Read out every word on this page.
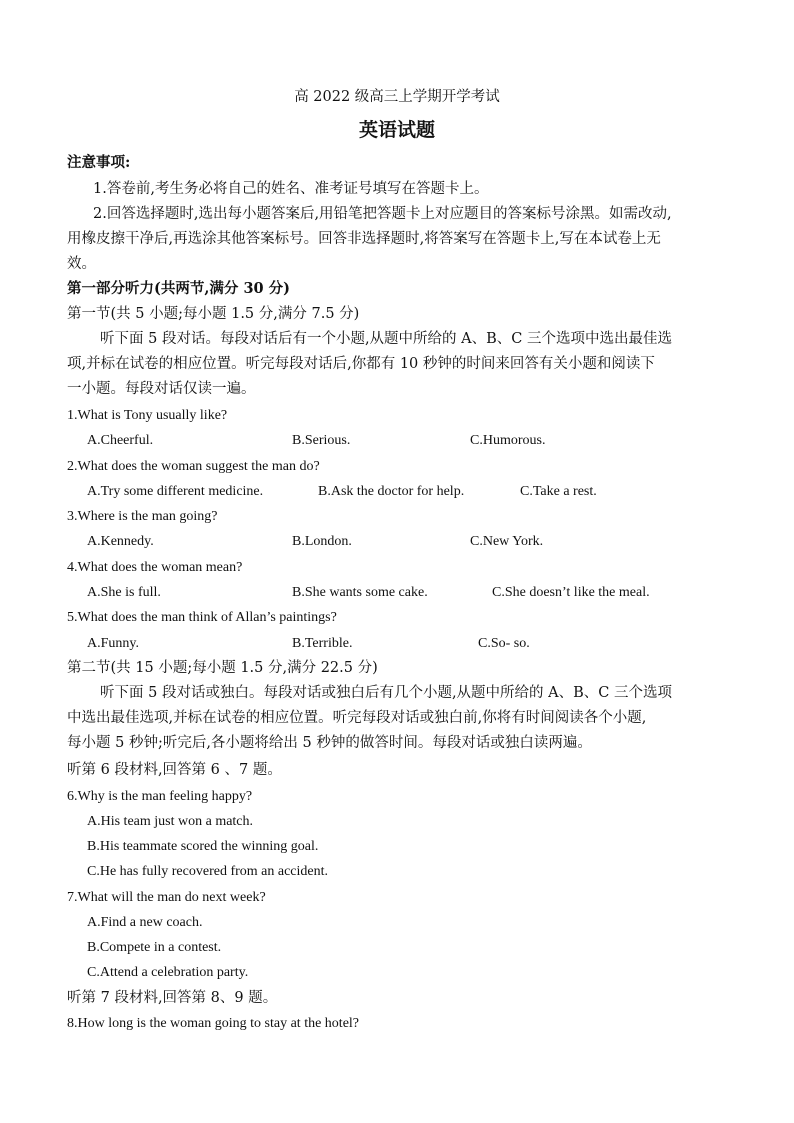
高 2022 级高三上学期开学考试
英语试题
注意事项:
1.答卷前,考生务必将自己的姓名、准考证号填写在答题卡上。
2.回答选择题时,选出每小题答案后,用铅笔把答题卡上对应题目的答案标号涂黑。如需改动,
用橡皮擦干净后,再选涂其他答案标号。回答非选择题时,将答案写在答题卡上,写在本试卷上无
效。
第一部分听力(共两节,满分 30 分)
第一节(共 5 小题;每小题 1.5 分,满分 7.5 分)
听下面 5 段对话。每段对话后有一个小题,从题中所给的 A、B、C 三个选项中选出最佳选
项,并标在试卷的相应位置。听完每段对话后,你都有 10 秒钟的时间来回答有关小题和阅读下
一小题。每段对话仅读一遍。
1.What is Tony usually like?
A.Cheerful.	B.Serious.	C.Humorous.
2.What does the woman suggest the man do?
A.Try some different medicine.	B.Ask the doctor for help.	C.Take a rest.
3.Where is the man going?
A.Kennedy.	B.London.	C.New York.
4.What does the woman mean?
A.She is full.	B.She wants some cake.	C.She doesn’t like the meal.
5.What does the man think of Allan’s paintings?
A.Funny.	B.Terrible.	C.So- so.
第二节(共 15 小题;每小题 1.5 分,满分 22.5 分)
听下面 5 段对话或独白。每段对话或独白后有几个小题,从题中所给的 A、B、C 三个选项
中选出最佳选项,并标在试卷的相应位置。听完每段对话或独白前,你将有时间阅读各个小题,
每小题 5 秒钟;听完后,各小题将给出 5 秒钟的做答时间。每段对话或独白读两遍。
听第 6 段材料,回答第 6 、7 题。
6.Why is the man feeling happy?
A.His team just won a match.
B.His teammate scored the winning goal.
C.He has fully recovered from an accident.
7.What will the man do next week?
A.Find a new coach.
B.Compete in a contest.
C.Attend a celebration party.
听第 7 段材料,回答第 8、9 题。
8.How long is the woman going to stay at the hotel?
